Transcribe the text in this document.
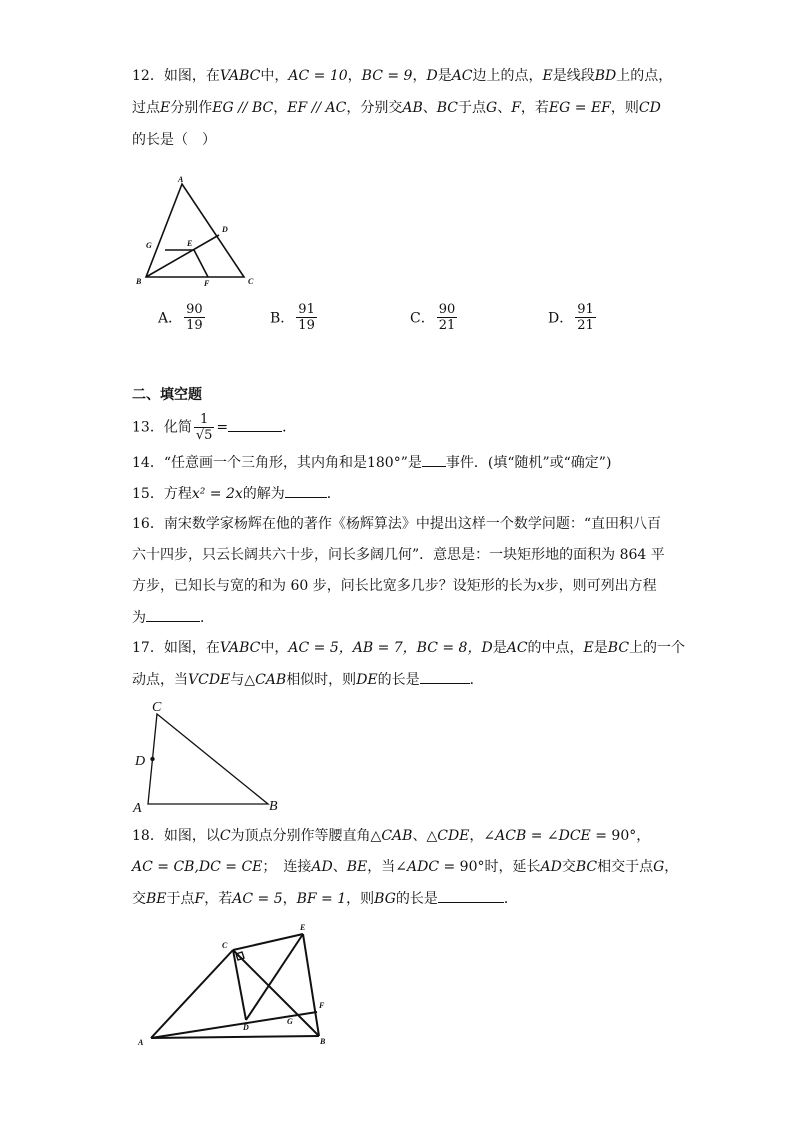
12．如图，在VABC中，AC = 10，BC = 9，D是AC边上的点，E是线段BD上的点，
过点E分别作EG // BC，EF // AC，分别交AB、BC于点G、F，若EG = EF，则CD
的长是（　）
A
D
G	E
B	F	C
A． $\frac{90}{19}$	B． $\frac{91}{19}$	C． $\frac{90}{21}$	D． $\frac{91}{21}$
二、填空题
13．化简 $\frac{1}{√5}$ =	．
14．“任意画一个三角形，其内角和是180°”是 事件．(填“随机”或“确定”)
15．方程x² = 2x的解为	．
16．南宋数学家杨辉在他的著作《杨辉算法》中提出这样一个数学问题：“直田积八百
六十四步，只云长阔共六十步，问长多阔几何”．意思是：一块矩形地的面积为 864 平
方步，已知长与宽的和为 60 步，问长比宽多几步？设矩形的长为x步，则可列出方程
为	．
17．如图，在VABC中，AC = 5，AB = 7，BC = 8，D是AC的中点，E是BC上的一个
动点，当VCDE与△CAB相似时，则DE的长是	．
C
D
A	B
18．如图，以C为顶点分别作等腰直角△CAB、△CDE，∠ACB = ∠DCE = 90°，
AC = CB,DC = CE；　连接AD、BE，当∠ADC = 90°时，延长AD交BC相交于点G，
交BE于点F，若AC = 5，BF = 1，则BG的长是	．
C
E
F
D
G
A	B
